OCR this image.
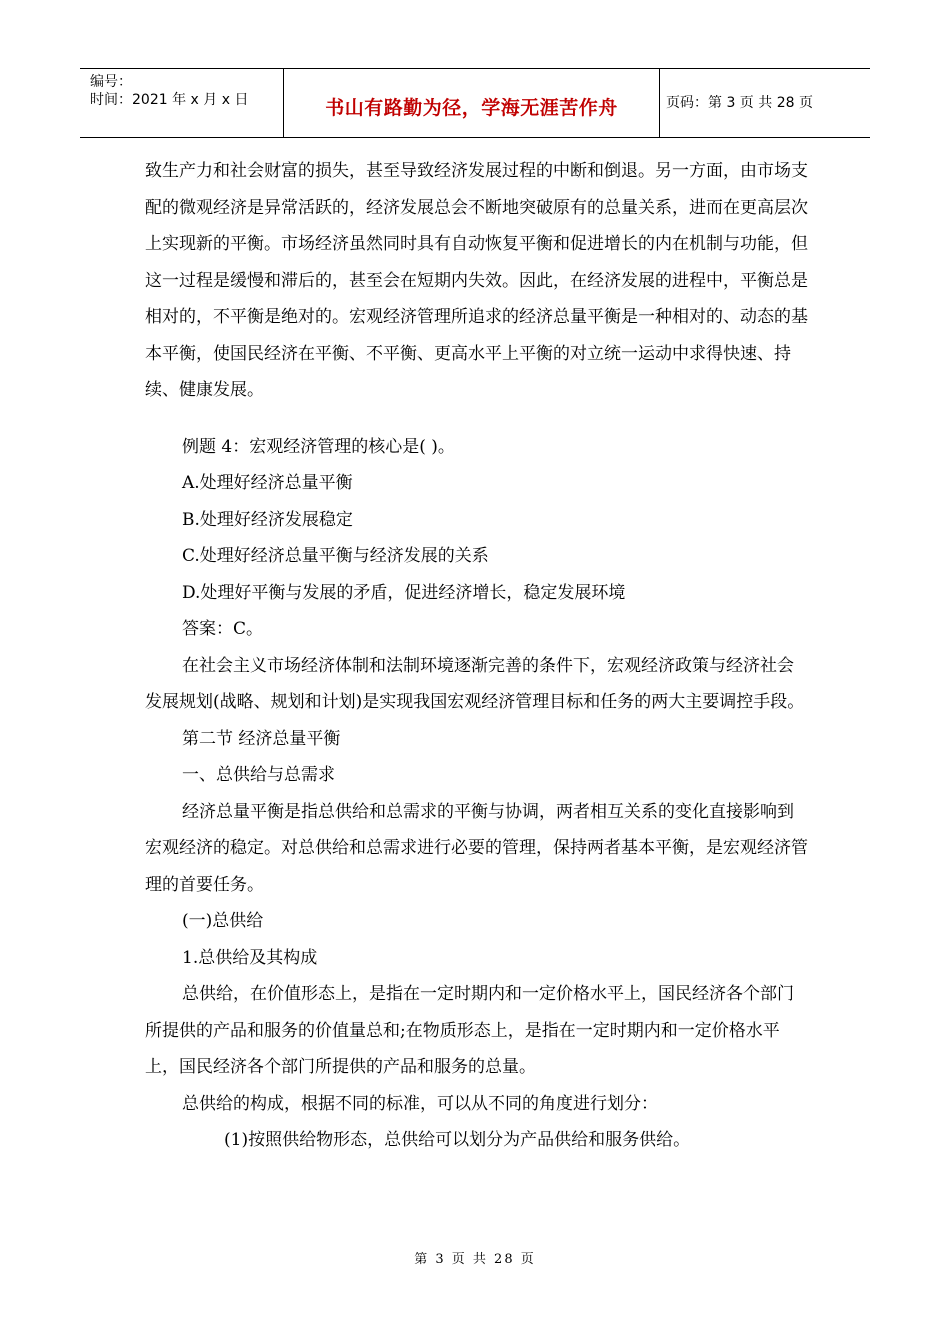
编号：
时间：2021 年 x 月 x 日	书山有路勤为径，学海无涯苦作舟	页码：第 3 页 共 28 页

致生产力和社会财富的损失，甚至导致经济发展过程的中断和倒退。另一方面，由市场支配的微观经济是异常活跃的，经济发展总会不断地突破原有的总量关系，进而在更高层次上实现新的平衡。市场经济虽然同时具有自动恢复平衡和促进增长的内在机制与功能，但这一过程是缓慢和滞后的，甚至会在短期内失效。因此，在经济发展的进程中，平衡总是相对的，不平衡是绝对的。宏观经济管理所追求的经济总量平衡是一种相对的、动态的基本平衡，使国民经济在平衡、不平衡、更高水平上平衡的对立统一运动中求得快速、持续、健康发展。

例题 4：宏观经济管理的核心是( )。

A.处理好经济总量平衡

B.处理好经济发展稳定

C.处理好经济总量平衡与经济发展的关系

D.处理好平衡与发展的矛盾，促进经济增长，稳定发展环境

答案：C。

在社会主义市场经济体制和法制环境逐渐完善的条件下，宏观经济政策与经济社会发展规划(战略、规划和计划)是实现我国宏观经济管理目标和任务的两大主要调控手段。

第二节 经济总量平衡

一、总供给与总需求

经济总量平衡是指总供给和总需求的平衡与协调，两者相互关系的变化直接影响到宏观经济的稳定。对总供给和总需求进行必要的管理，保持两者基本平衡，是宏观经济管理的首要任务。

(一)总供给

1.总供给及其构成

总供给，在价值形态上，是指在一定时期内和一定价格水平上，国民经济各个部门所提供的产品和服务的价值量总和;在物质形态上，是指在一定时期内和一定价格水平上，国民经济各个部门所提供的产品和服务的总量。

总供给的构成，根据不同的标准，可以从不同的角度进行划分：

(1)按照供给物形态，总供给可以划分为产品供给和服务供给。

第 3 页 共 28 页
